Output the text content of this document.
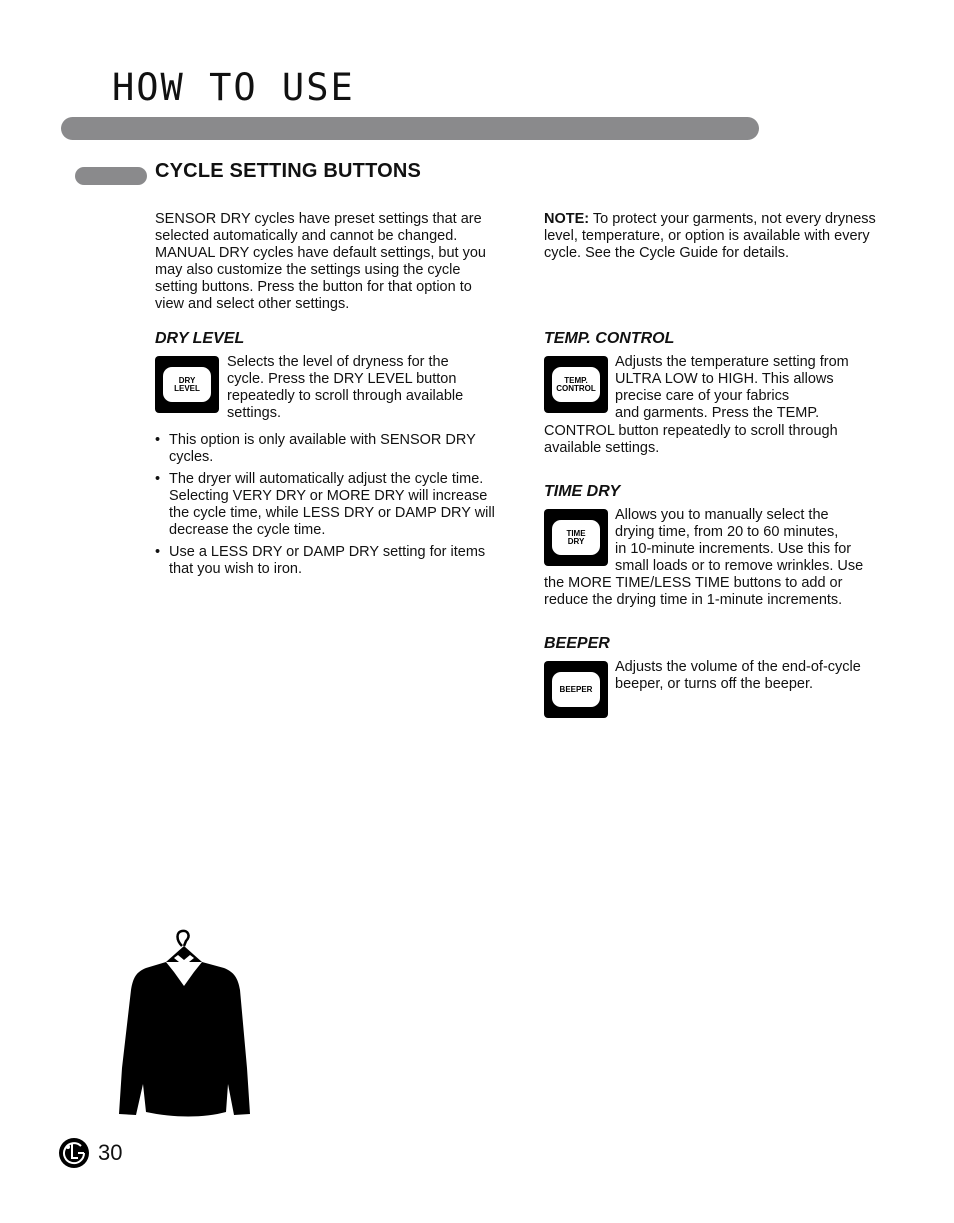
HOW TO USE
CYCLE SETTING BUTTONS

SENSOR DRY cycles have preset settings that are selected automatically and cannot be changed. MANUAL DRY cycles have default settings, but you may also customize the settings using the cycle setting buttons. Press the button for that option to view and select other settings.

NOTE: To protect your garments, not every dryness level, temperature, or option is available with every cycle. See the Cycle Guide for details.

DRY LEVEL
DRY
LEVEL

Selects the level of dryness for the cycle. Press the DRY LEVEL button repeatedly to scroll through available settings.

• This option is only available with SENSOR DRY cycles.
• The dryer will automatically adjust the cycle time. Selecting VERY DRY or MORE DRY will increase the cycle time, while LESS DRY or DAMP DRY will decrease the cycle time.
• Use a LESS DRY or DAMP DRY setting for items that you wish to iron.
TEMP. CONTROL
TEMP.
CONTROL
Adjusts the temperature setting from
ULTRA LOW to HIGH. This allows
precise care of your fabrics
and garments. Press the TEMP.

CONTROL button repeatedly to scroll through available settings.

TIME DRY
TIME
DRY
Allows you to manually select the
drying time, from 20 to 60 minutes,
in 10-minute increments. Use this for
small loads or to remove wrinkles. Use

the MORE TIME/LESS TIME buttons to add or reduce the drying time in 1-minute increments.

BEEPER
BEEPER
Adjusts the volume of the end-of-cycle
beeper, or turns off the beeper.
30
